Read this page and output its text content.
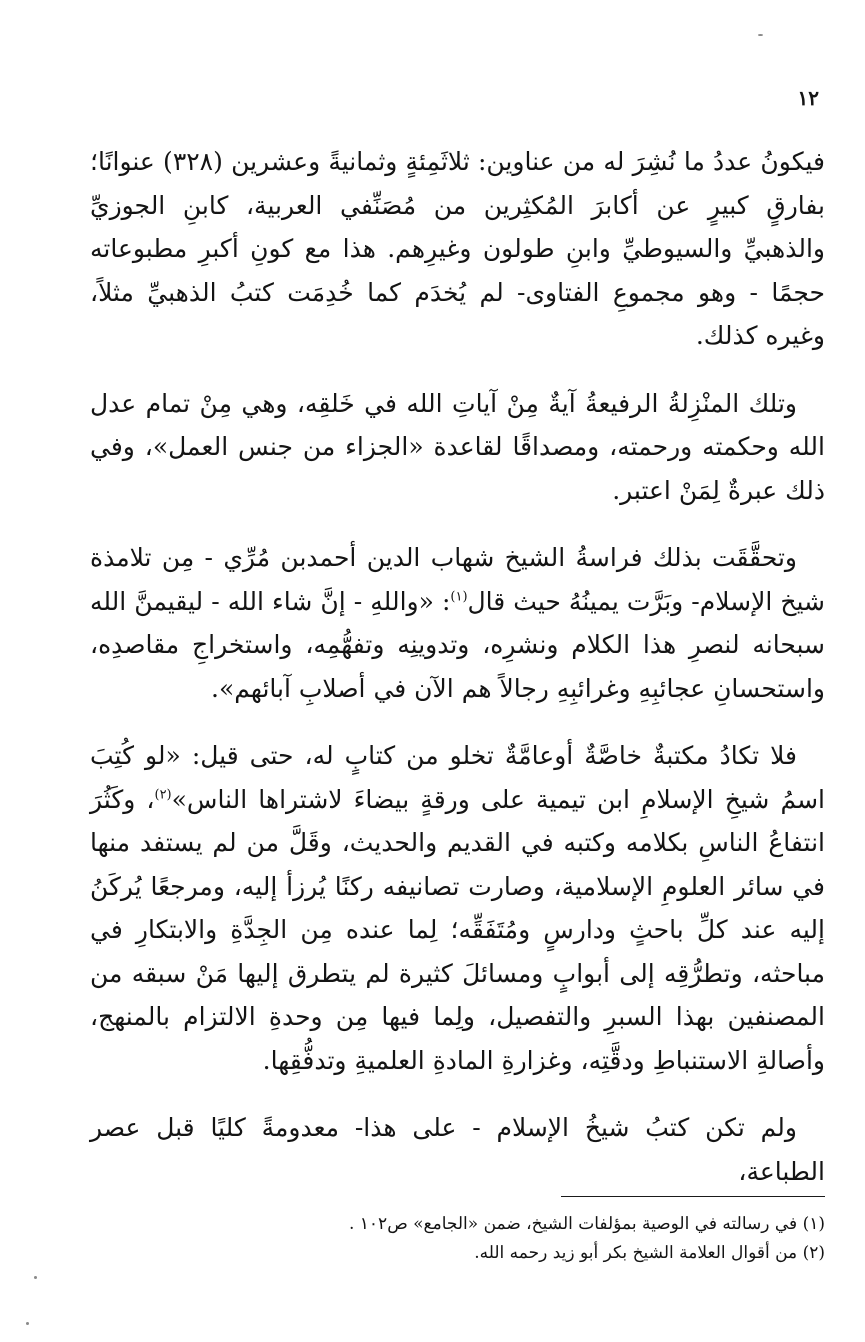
١٢

فيكونُ عددُ ما نُشِرَ له من عناوين: ثلاثَمِئةٍ وثمانيةً وعشرين (٣٢٨) عنوانًا؛ بفارقٍ كبيرٍ عن أكابرَ المُكثِرين من مُصَنِّفي العربية، كابنِ الجوزيِّ والذهبيِّ والسيوطيِّ وابنِ طولون وغيرِهم. هذا مع كونِ أكبرِ مطبوعاته حجمًا - وهو مجموعِ الفتاوى- لم يُخدَم كما خُدِمَت كتبُ الذهبيِّ مثلاً، وغيره كذلك.

وتلك المنْزِلةُ الرفيعةُ آيةٌ مِنْ آياتِ الله في خَلقِه، وهي مِنْ تمام عدل الله وحكمته ورحمته، ومصداقًا لقاعدة «الجزاء من جنس العمل»، وفي ذلك عبرةٌ لِمَنْ اعتبر.

وتحقَّقَت بذلك فراسةُ الشيخ شهاب الدين أحمدبن مُرِّي - مِن تلامذة شيخ الإسلام- وبَرَّت يمينُهُ حيث قال$^{(١)}$: «واللهِ - إنَّ شاء الله - ليقيمنَّ الله سبحانه لنصرِ هذا الكلام ونشرِه، وتدوينِه وتفهُّمِه، واستخراجِ مقاصدِه، واستحسانِ عجائبِهِ وغرائبِهِ رجالاً هم الآن في أصلابِ آبائهم».

فلا تكادُ مكتبةٌ خاصَّةٌ أوعامَّةٌ تخلو من كتابٍ له، حتى قيل: «لو كُتِبَ اسمُ شيخِ الإسلامِ ابن تيمية على ورقةٍ بيضاءَ لاشتراها الناس»$^{(٢)}$، وكَثُرَ انتفاعُ الناسِ بكلامه وكتبه في القديم والحديث، وقَلَّ من لم يستفد منها في سائر العلومِ الإسلامية، وصارت تصانيفه ركنًا يُرزأ إليه، ومرجعًا يُركَنُ إليه عند كلِّ باحثٍ ودارسٍ ومُتَفَقِّه؛ لِما عنده مِن الجِدَّةِ والابتكارِ في مباحثه، وتطرُّقِه إلى أبوابٍ ومسائلَ كثيرة لم يتطرق إليها مَنْ سبقه من المصنفين بهذا السبرِ والتفصيل، ولِما فيها مِن وحدةِ الالتزام بالمنهج، وأصالةِ الاستنباطِ ودقَّتِه، وغزارةِ المادةِ العلميةِ وتدفُّقِها.

ولم تكن كتبُ شيخُ الإسلام - على هذا- معدومةً كليًا قبل عصر الطباعة،

(١) في رسالته في الوصية بمؤلفات الشيخ، ضمن «الجامع» ص١٠٢ .

(٢) من أقوال العلامة الشيخ بكر أبو زيد رحمه الله.
